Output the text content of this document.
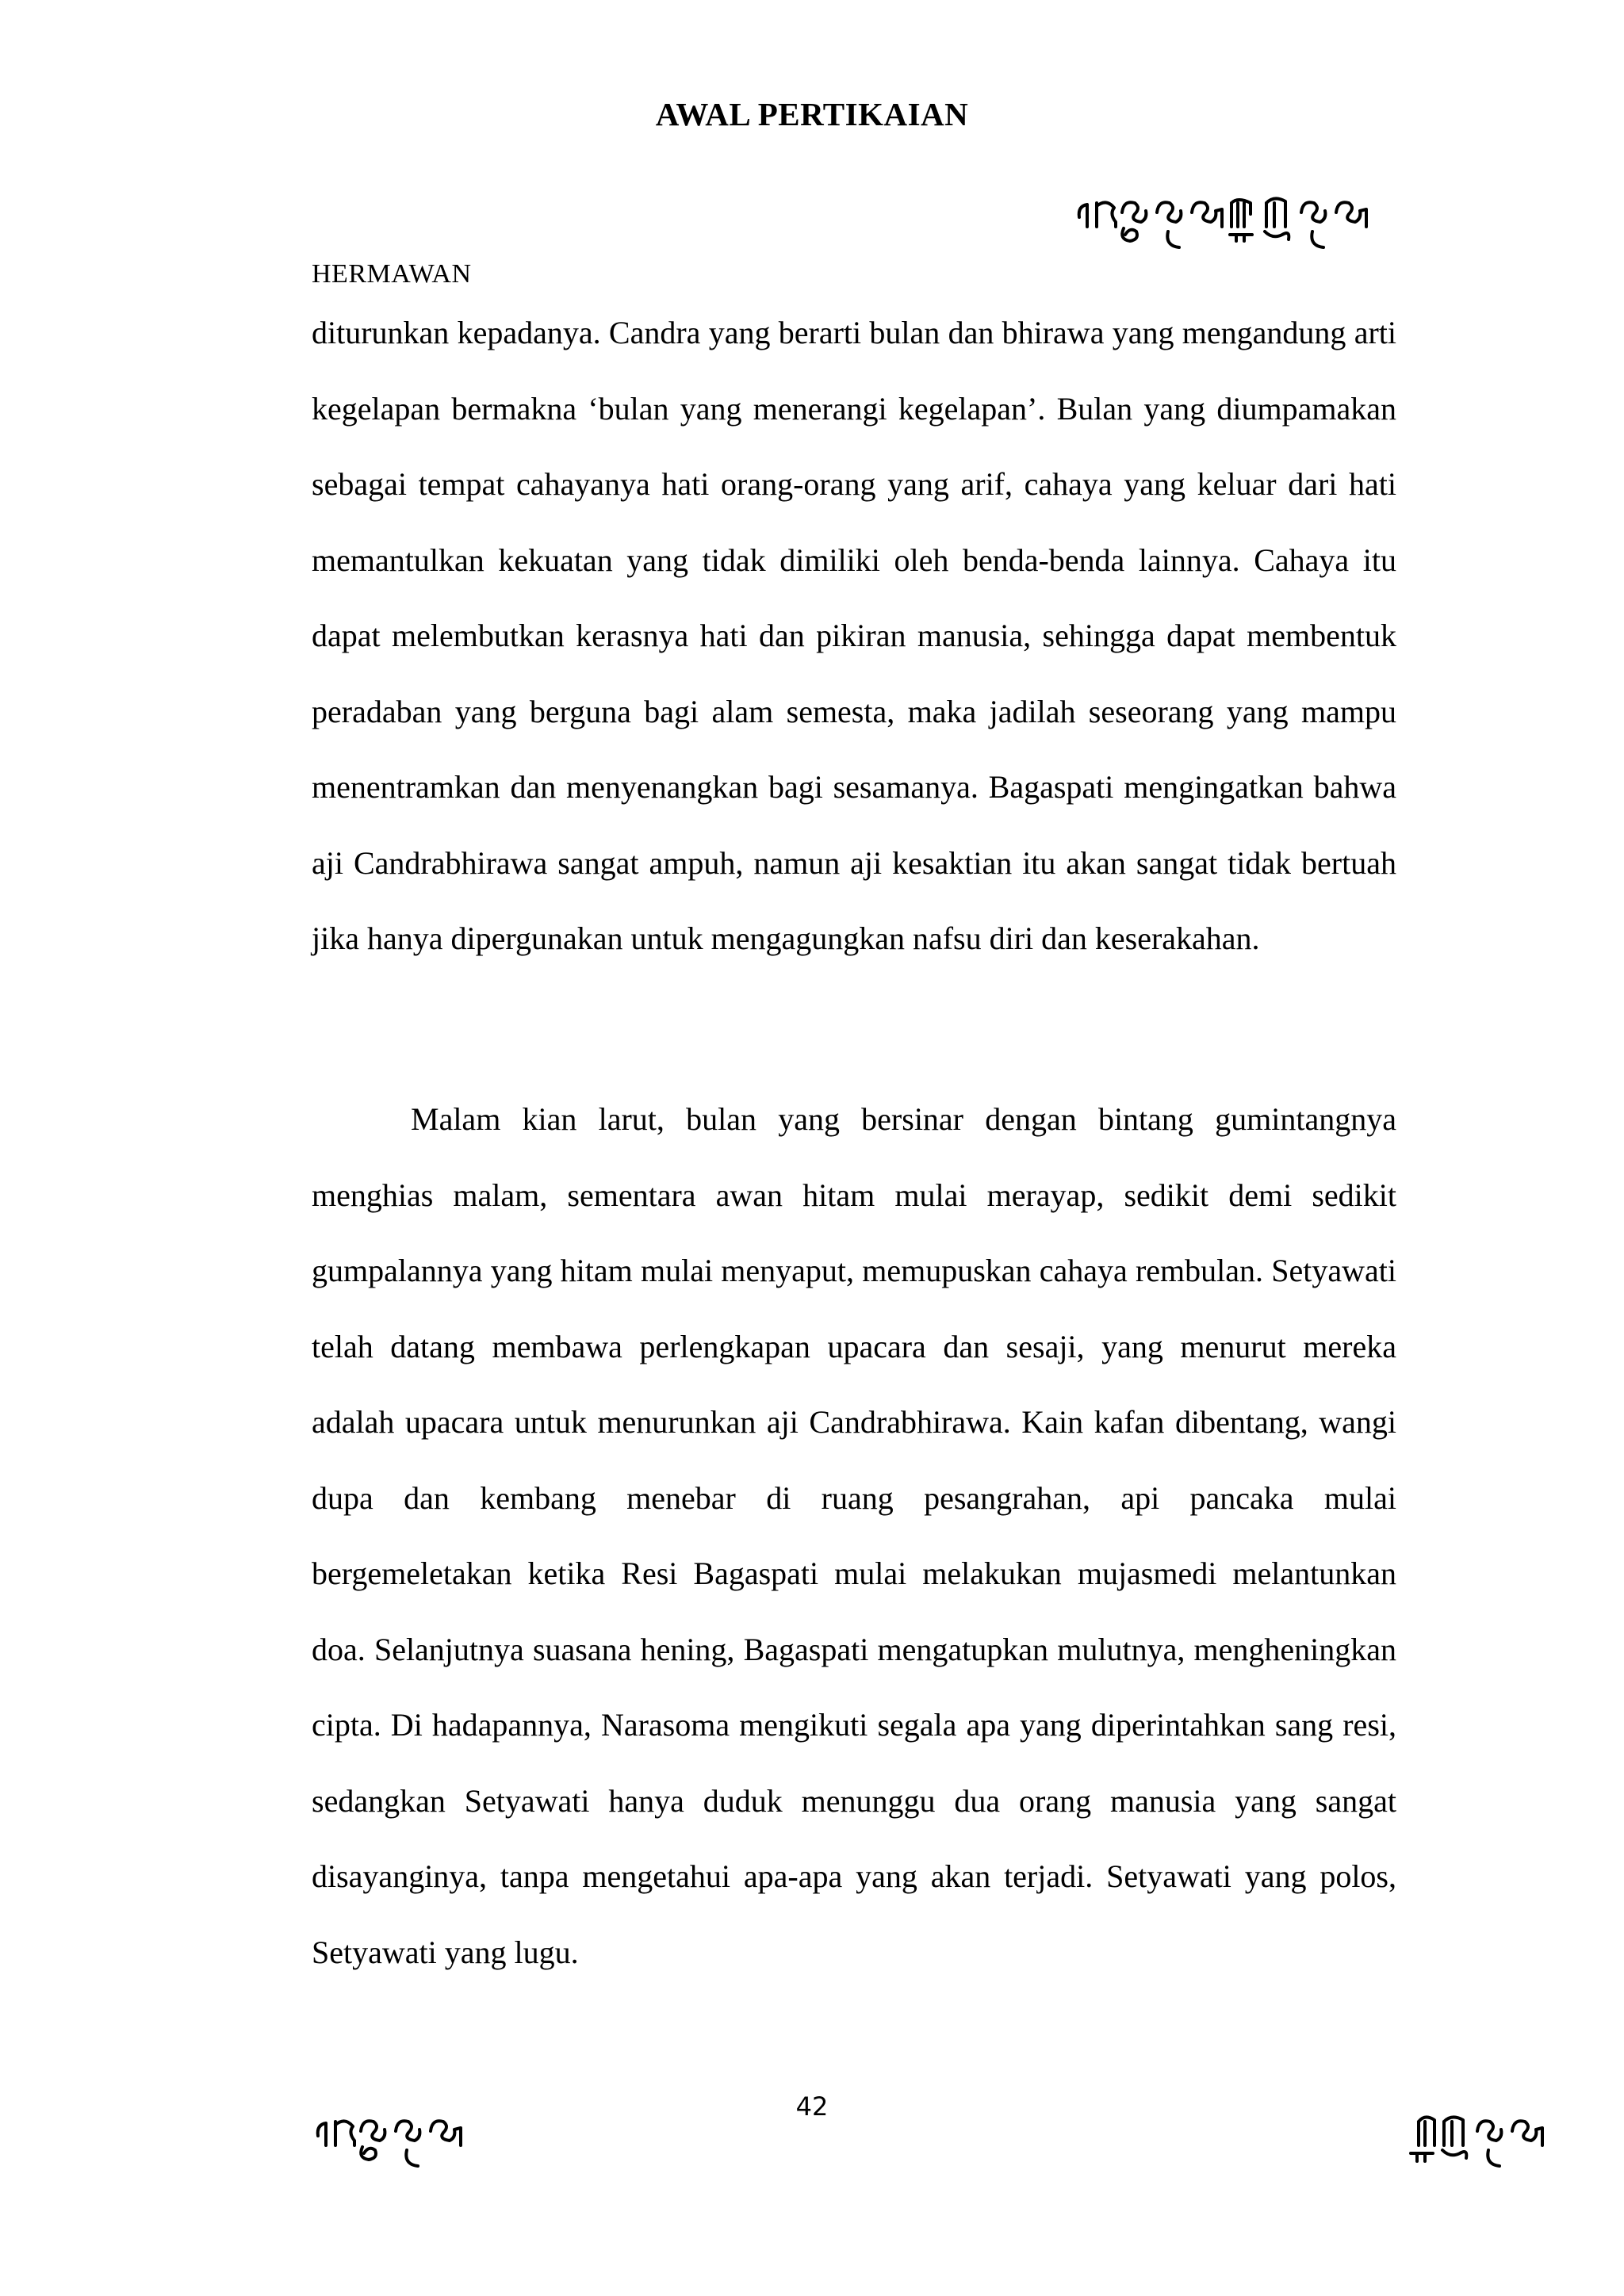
AWAL PERTIKAIAN
HERMAWAN

diturunkan kepadanya. Candra yang berarti bulan dan bhirawa yang mengandung arti kegelapan bermakna ‘bulan yang menerangi kegelapan’. Bulan yang diumpamakan sebagai tempat cahayanya hati orang-orang yang arif, cahaya yang keluar dari hati memantulkan kekuatan yang tidak dimiliki oleh benda-benda lainnya. Cahaya itu dapat melembutkan kerasnya hati dan pikiran manusia, sehingga dapat membentuk peradaban yang berguna bagi alam semesta, maka jadilah seseorang yang mampu menentramkan dan menyenangkan bagi sesamanya. Bagaspati mengingatkan bahwa aji Candrabhirawa sangat ampuh, namun aji kesaktian itu akan sangat tidak bertuah jika hanya dipergunakan untuk mengagungkan nafsu diri dan keserakahan.

Malam kian larut, bulan yang bersinar dengan bintang gumintangnya menghias malam, sementara awan hitam mulai merayap, sedikit demi sedikit gumpalannya yang hitam mulai menyaput, memupuskan cahaya rembulan. Setyawati telah datang membawa perlengkapan upacara dan sesaji, yang menurut mereka adalah upacara untuk menurunkan aji Candrabhirawa. Kain kafan dibentang, wangi dupa dan kembang menebar di ruang pesangrahan, api pancaka mulai bergemeletakan ketika Resi Bagaspati mulai melakukan mujasmedi melantunkan doa. Selanjutnya suasana hening, Bagaspati mengatupkan mulutnya, mengheningkan cipta. Di hadapannya, Narasoma mengikuti segala apa yang diperintahkan sang resi, sedangkan Setyawati hanya duduk menunggu dua orang manusia yang sangat disayanginya, tanpa mengetahui apa-apa yang akan terjadi. Setyawati yang polos, Setyawati yang lugu.

42
